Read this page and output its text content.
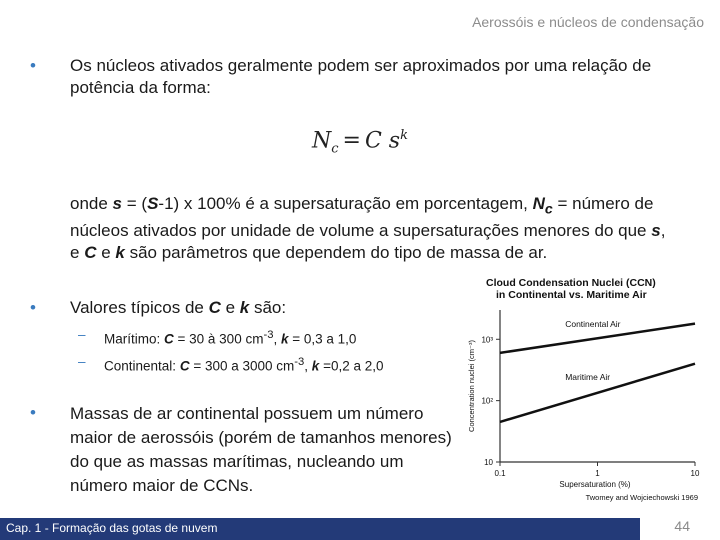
Aerossóis e núcleos de condensação
• Os núcleos ativados geralmente podem ser aproximados por uma relação de potência da forma:
$N_c = C$ $s^k$
onde s = (S-1) x 100% é a supersaturação em porcentagem, $N_c$ = número de núcleos ativados por unidade de volume a supersaturações menores do que s, e C e k são parâmetros que dependem do tipo de massa de ar.
• Valores típicos de C e k são:
– Marítimo: C = 30 à 300 $cm^{-3}$, k = 0,3 a 1,0
– Continental: C = 300 a 3000 $cm^{-3}$, k =0,2 a 2,0
• Massas de ar continental possuem um número maior de aerossóis (porém de tamanhos menores) do que as massas marítimas, nucleando um número maior de CCNs.
Cloud Condensation Nuclei (CCN)
in Continental vs. Maritime Air
10
10²
10³
0.1	1	10
Supersaturation (%)
Concentration nuclei (cm⁻³)
Continental Air
Maritime Air
Twomey and Wojciechowski 1969
Cap. 1 - Formação das gotas de nuvem	44
